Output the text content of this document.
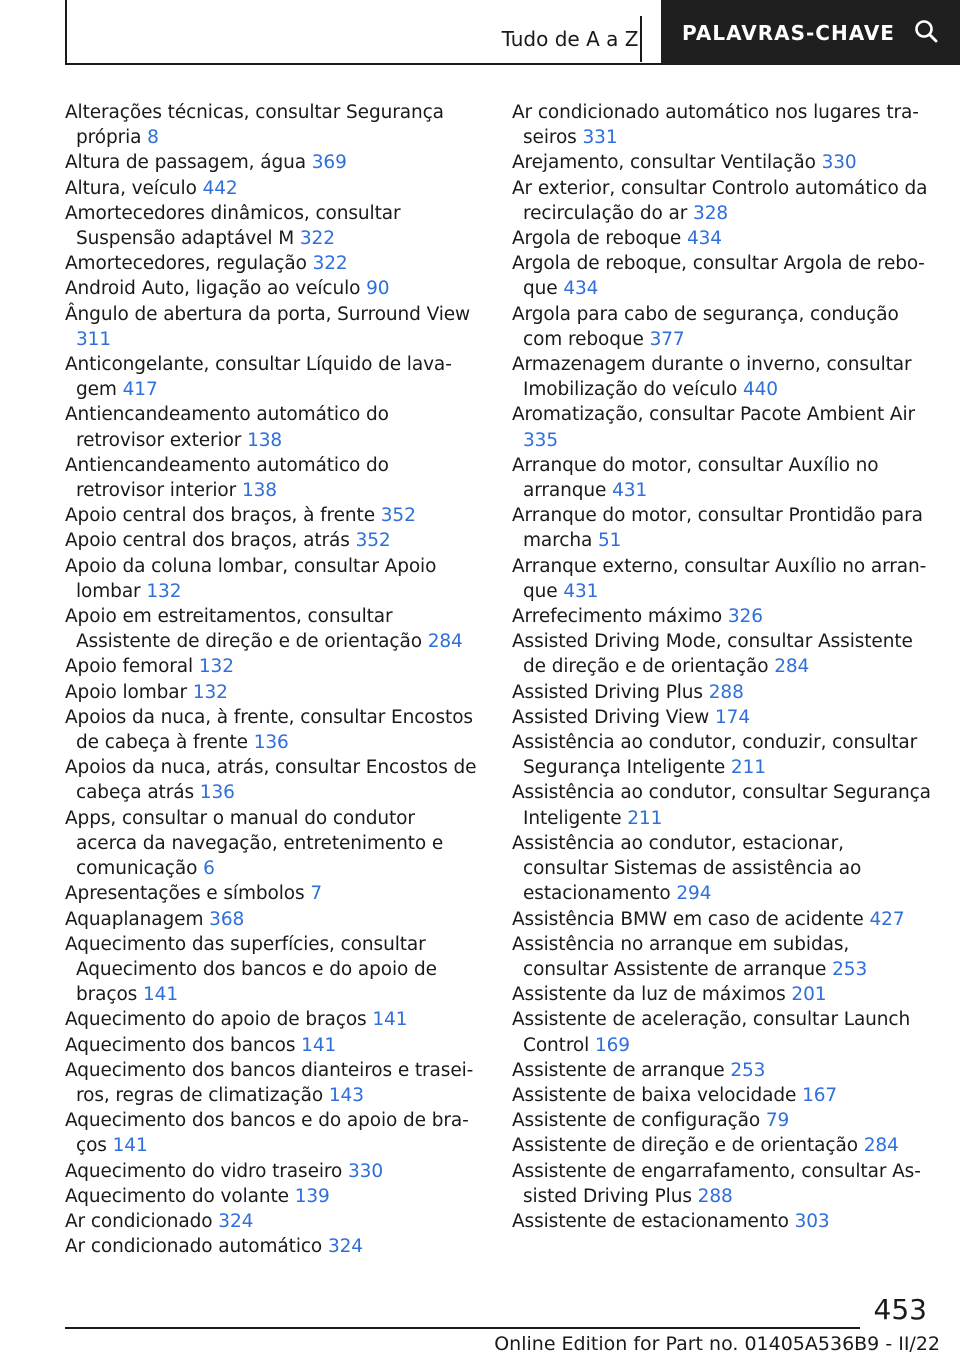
Tudo de A a Z PALAVRAS-CHAVE
Alterações técnicas, consultar Segurança própria 8
Altura de passagem, água 369
Altura, veículo 442
Amortecedores dinâmicos, consultar Suspensão adaptável M 322
Amortecedores, regulação 322
Android Auto, ligação ao veículo 90
Ângulo de abertura da porta, Surround View 311
Anticongelante, consultar Líquido de lavagem 417
Antiencandeamento automático do retrovisor exterior 138
Antiencandeamento automático do retrovisor interior 138
Apoio central dos braços, à frente 352
Apoio central dos braços, atrás 352
Apoio da coluna lombar, consultar Apoio lombar 132
Apoio em estreitamentos, consultar Assistente de direção e de orientação 284
Apoio femoral 132
Apoio lombar 132
Apoios da nuca, à frente, consultar Encostos de cabeça à frente 136
Apoios da nuca, atrás, consultar Encostos de cabeça atrás 136
Apps, consultar o manual do condutor acerca da navegação, entretenimento e comunicação 6
Apresentações e símbolos 7
Aquaplanagem 368
Aquecimento das superfícies, consultar Aquecimento dos bancos e do apoio de braços 141
Aquecimento do apoio de braços 141
Aquecimento dos bancos 141
Aquecimento dos bancos dianteiros e traseiros, regras de climatização 143
Aquecimento dos bancos e do apoio de braços 141
Aquecimento do vidro traseiro 330
Aquecimento do volante 139
Ar condicionado 324
Ar condicionado automático 324
Ar condicionado automático nos lugares traseiros 331
Arejamento, consultar Ventilação 330
Ar exterior, consultar Controlo automático da recirculação do ar 328
Argola de reboque 434
Argola de reboque, consultar Argola de reboque 434
Argola para cabo de segurança, condução com reboque 377
Armazenagem durante o inverno, consultar Imobilização do veículo 440
Aromatização, consultar Pacote Ambient Air 335
Arranque do motor, consultar Auxílio no arranque 431
Arranque do motor, consultar Prontidão para marcha 51
Arranque externo, consultar Auxílio no arranque 431
Arrefecimento máximo 326
Assisted Driving Mode, consultar Assistente de direção e de orientação 284
Assisted Driving Plus 288
Assisted Driving View 174
Assistência ao condutor, conduzir, consultar Segurança Inteligente 211
Assistência ao condutor, consultar Segurança Inteligente 211
Assistência ao condutor, estacionar, consultar Sistemas de assistência ao estacionamento 294
Assistência BMW em caso de acidente 427
Assistência no arranque em subidas, consultar Assistente de arranque 253
Assistente da luz de máximos 201
Assistente de aceleração, consultar Launch Control 169
Assistente de arranque 253
Assistente de baixa velocidade 167
Assistente de configuração 79
Assistente de direção e de orientação 284
Assistente de engarrafamento, consultar Assisted Driving Plus 288
Assistente de estacionamento 303
453
Online Edition for Part no. 01405A536B9 - II/22
